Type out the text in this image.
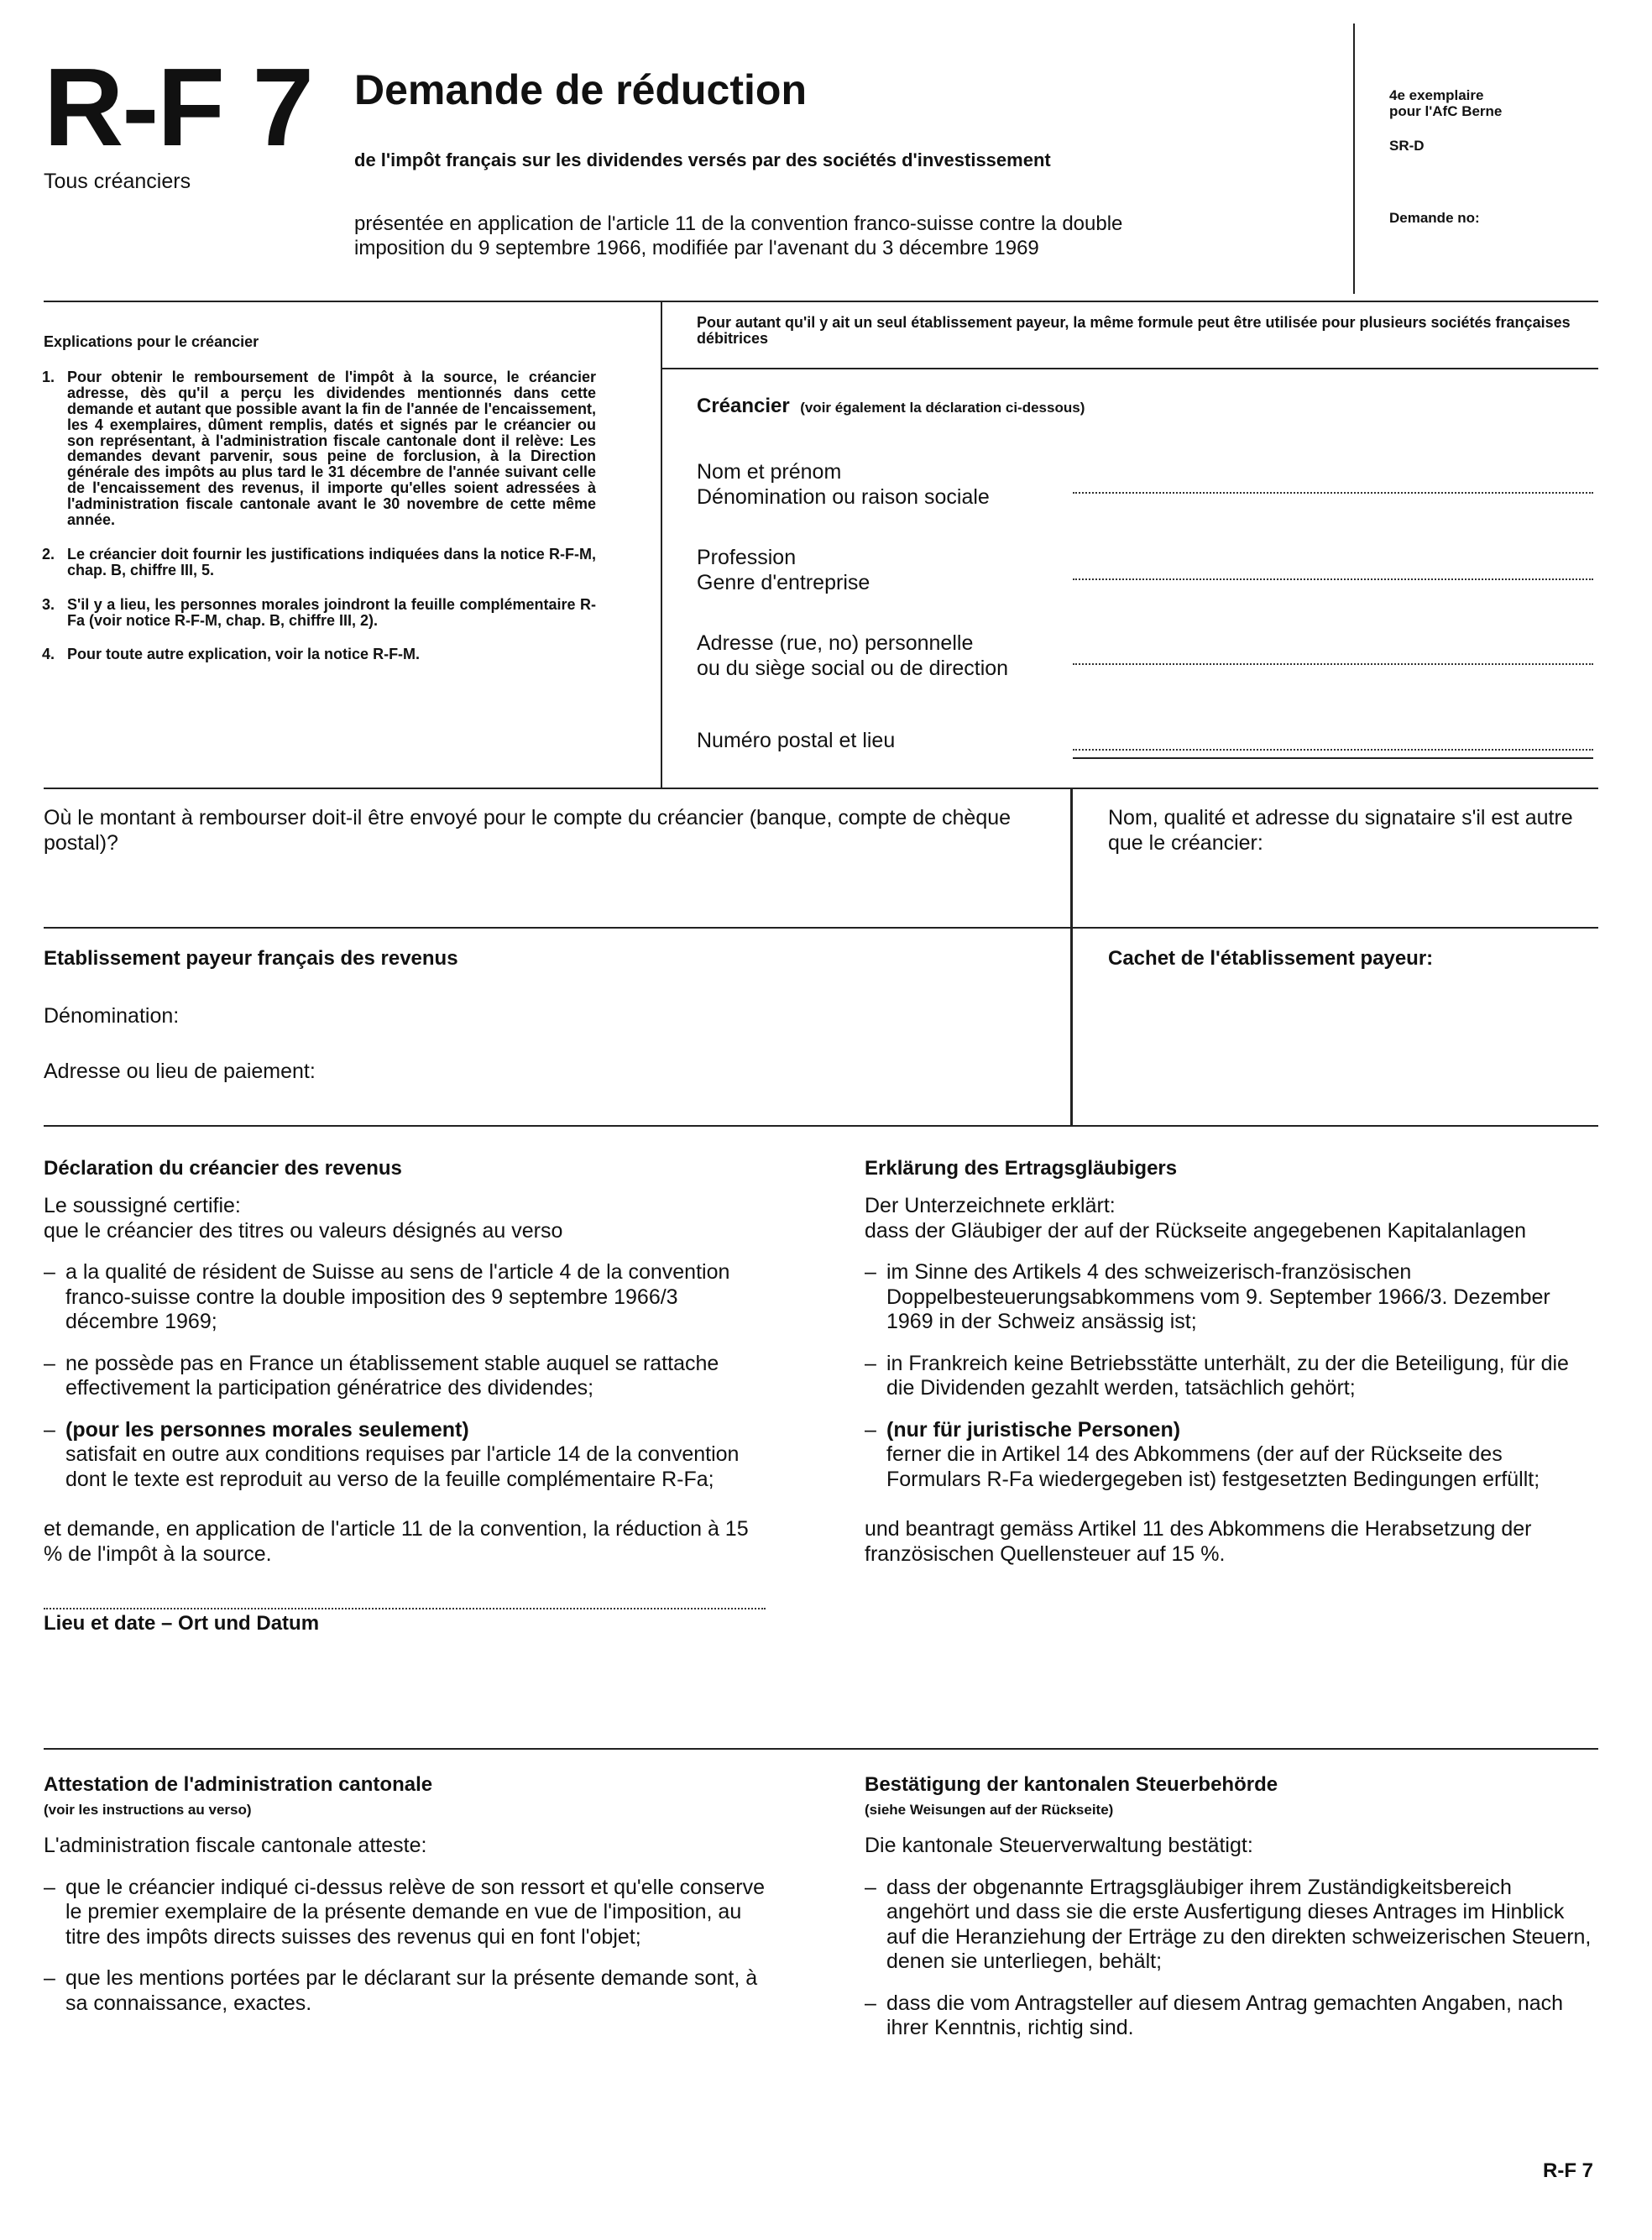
R-F 7
Tous créanciers
Demande de réduction
de l'impôt français sur les dividendes versés par des sociétés d'investissement
présentée en application de l'article 11 de la convention franco-suisse contre la double
imposition du 9 septembre 1966, modifiée par l'avenant du 3 décembre 1969
4e exemplaire
pour l'AfC Berne
SR-D
Demande no:
Explications pour le créancier
1. Pour obtenir le remboursement de l'impôt à la source, le créancier adresse, dès qu'il a perçu les dividendes mentionnés dans cette demande et autant que possible avant la fin de l'année de l'encaissement, les 4 exemplaires, dûment remplis, datés et signés par le créancier ou son représentant, à l'administration fiscale cantonale dont il relève: Les demandes devant parvenir, sous peine de forclusion, à la Direction générale des impôts au plus tard le 31 décembre de l'année suivant celle de l'encaissement des revenus, il importe qu'elles soient adressées à l'administration fiscale cantonale avant le 30 novembre de cette même année.
2. Le créancier doit fournir les justifications indiquées dans la notice R-F-M, chap. B, chiffre III, 5.
3. S'il y a lieu, les personnes morales joindront la feuille complémentaire R-Fa (voir notice R-F-M, chap. B, chiffre III, 2).
4. Pour toute autre explication, voir la notice R-F-M.
Pour autant qu'il y ait un seul établissement payeur, la même formule peut être utilisée pour plusieurs sociétés françaises débitrices
Créancier (voir également la déclaration ci-dessous)
Nom et prénom
Dénomination ou raison sociale
Profession
Genre d'entreprise
Adresse (rue, no) personnelle
ou du siège social ou de direction
Numéro postal et lieu
Où le montant à rembourser doit-il être envoyé pour le compte du créancier (banque, compte de chèque postal)?
Nom, qualité et adresse du signataire s'il est autre que le créancier:
Etablissement payeur français des revenus
Dénomination:
Adresse ou lieu de paiement:
Cachet de l'établissement payeur:
Déclaration du créancier des revenus
Le soussigné certifie:
que le créancier des titres ou valeurs désignés au verso
– a la qualité de résident de Suisse au sens de l'article 4 de la convention franco-suisse contre la double imposition des 9 septembre 1966/3 décembre 1969;
– ne possède pas en France un établissement stable auquel se rattache effectivement la participation génératrice des dividendes;
– (pour les personnes morales seulement)
satisfait en outre aux conditions requises par l'article 14 de la convention dont le texte est reproduit au verso de la feuille complémentaire R-Fa;
et demande, en application de l'article 11 de la convention, la réduction à 15 % de l'impôt à la source.
Lieu et date – Ort und Datum
Erklärung des Ertragsgläubigers
Der Unterzeichnete erklärt:
dass der Gläubiger der auf der Rückseite angegebenen Kapitalanlagen
– im Sinne des Artikels 4 des schweizerisch-französischen Doppelbesteuerungsabkommens vom 9. September 1966/3. Dezember 1969 in der Schweiz ansässig ist;
– in Frankreich keine Betriebsstätte unterhält, zu der die Beteiligung, für die die Dividenden gezahlt werden, tatsächlich gehört;
– (nur für juristische Personen)
ferner die in Artikel 14 des Abkommens (der auf der Rückseite des Formulars R-Fa wiedergegeben ist) festgesetzten Bedingungen erfüllt;
und beantragt gemäss Artikel 11 des Abkommens die Herabsetzung der französischen Quellensteuer auf 15 %.
Attestation de l'administration cantonale
(voir les instructions au verso)
L'administration fiscale cantonale atteste:
– que le créancier indiqué ci-dessus relève de son ressort et qu'elle conserve le premier exemplaire de la présente demande en vue de l'imposition, au titre des impôts directs suisses des revenus qui en font l'objet;
– que les mentions portées par le déclarant sur la présente demande sont, à sa connaissance, exactes.
Bestätigung der kantonalen Steuerbehörde
(siehe Weisungen auf der Rückseite)
Die kantonale Steuerverwaltung bestätigt:
– dass der obgenannte Ertragsgläubiger ihrem Zuständigkeitsbereich angehört und dass sie die erste Ausfertigung dieses Antrages im Hinblick auf die Heranziehung der Erträge zu den direkten schweizerischen Steuern, denen sie unterliegen, behält;
– dass die vom Antragsteller auf diesem Antrag gemachten Angaben, nach ihrer Kenntnis, richtig sind.
R-F 7
